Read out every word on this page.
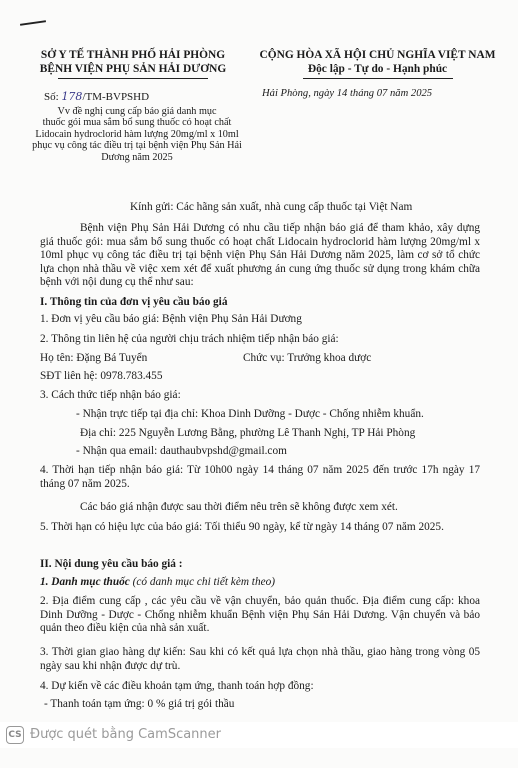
SỞ Y TẾ THÀNH PHỐ HẢI PHÒNG
BỆNH VIỆN PHỤ SẢN HẢI DƯƠNG
CỘNG HÒA XÃ HỘI CHỦ NGHĨA VIỆT NAM
Độc lập - Tự do - Hạnh phúc
Số: 178/TM-BVPSHD	Hải Phòng, ngày 14 tháng 07 năm 2025
Vv đề nghị cung cấp báo giá danh mục
thuốc gói mua sắm bổ sung thuốc có hoạt chất
Lidocain hydroclorid hàm lượng 20mg/ml x 10ml
phục vụ công tác điều trị tại bệnh viện Phụ Sản Hải
Dương năm 2025
Kính gửi: Các hãng sản xuất, nhà cung cấp thuốc tại Việt Nam
Bệnh viện Phụ Sản Hải Dương có nhu cầu tiếp nhận báo giá để tham khảo, xây dựng giá thuốc gói: mua sắm bổ sung thuốc có hoạt chất Lidocain hydroclorid hàm lượng 20mg/ml x 10ml phục vụ công tác điều trị tại bệnh viện Phụ Sản Hải Dương năm 2025, làm cơ sở tổ chức lựa chọn nhà thầu về việc xem xét để xuất phương án cung ứng thuốc sử dụng trong khám chữa bệnh với nội dung cụ thể như sau:
I. Thông tin của đơn vị yêu cầu báo giá
1. Đơn vị yêu cầu báo giá: Bệnh viện Phụ Sản Hải Dương
2. Thông tin liên hệ của người chịu trách nhiệm tiếp nhận báo giá:
Họ tên: Đặng Bá Tuyển	Chức vụ: Trưởng khoa dược
SĐT liên hệ: 0978.783.455
3. Cách thức tiếp nhận báo giá:
- Nhận trực tiếp tại địa chỉ: Khoa Dinh Dưỡng - Dược - Chống nhiễm khuẩn.
Địa chỉ: 225 Nguyễn Lương Bằng, phường Lê Thanh Nghị, TP Hải Phòng
- Nhận qua email: dauthaubvpshd@gmail.com
4. Thời hạn tiếp nhận báo giá: Từ 10h00 ngày 14 tháng 07 năm 2025 đến trước 17h ngày 17 tháng 07 năm 2025.
Các báo giá nhận được sau thời điểm nêu trên sẽ không được xem xét.
5. Thời hạn có hiệu lực của báo giá: Tối thiểu 90 ngày, kể từ ngày 14 tháng 07 năm 2025.
II. Nội dung yêu cầu báo giá :
1. Danh mục thuốc (có danh mục chi tiết kèm theo)
2. Địa điểm cung cấp , các yêu cầu về vận chuyển, bảo quản thuốc. Địa điểm cung cấp: khoa Dinh Dưỡng - Dược - Chống nhiễm khuẩn Bệnh viện Phụ Sản Hải Dương. Vận chuyển và bảo quản theo điều kiện của nhà sản xuất.
3. Thời gian giao hàng dự kiến: Sau khi có kết quả lựa chọn nhà thầu, giao hàng trong vòng 05 ngày sau khi nhận được dự trù.
4. Dự kiến về các điều khoản tạm ứng, thanh toán hợp đồng:
- Thanh toán tạm ứng: 0 % giá trị gói thầu
CS Được quét bằng CamScanner
